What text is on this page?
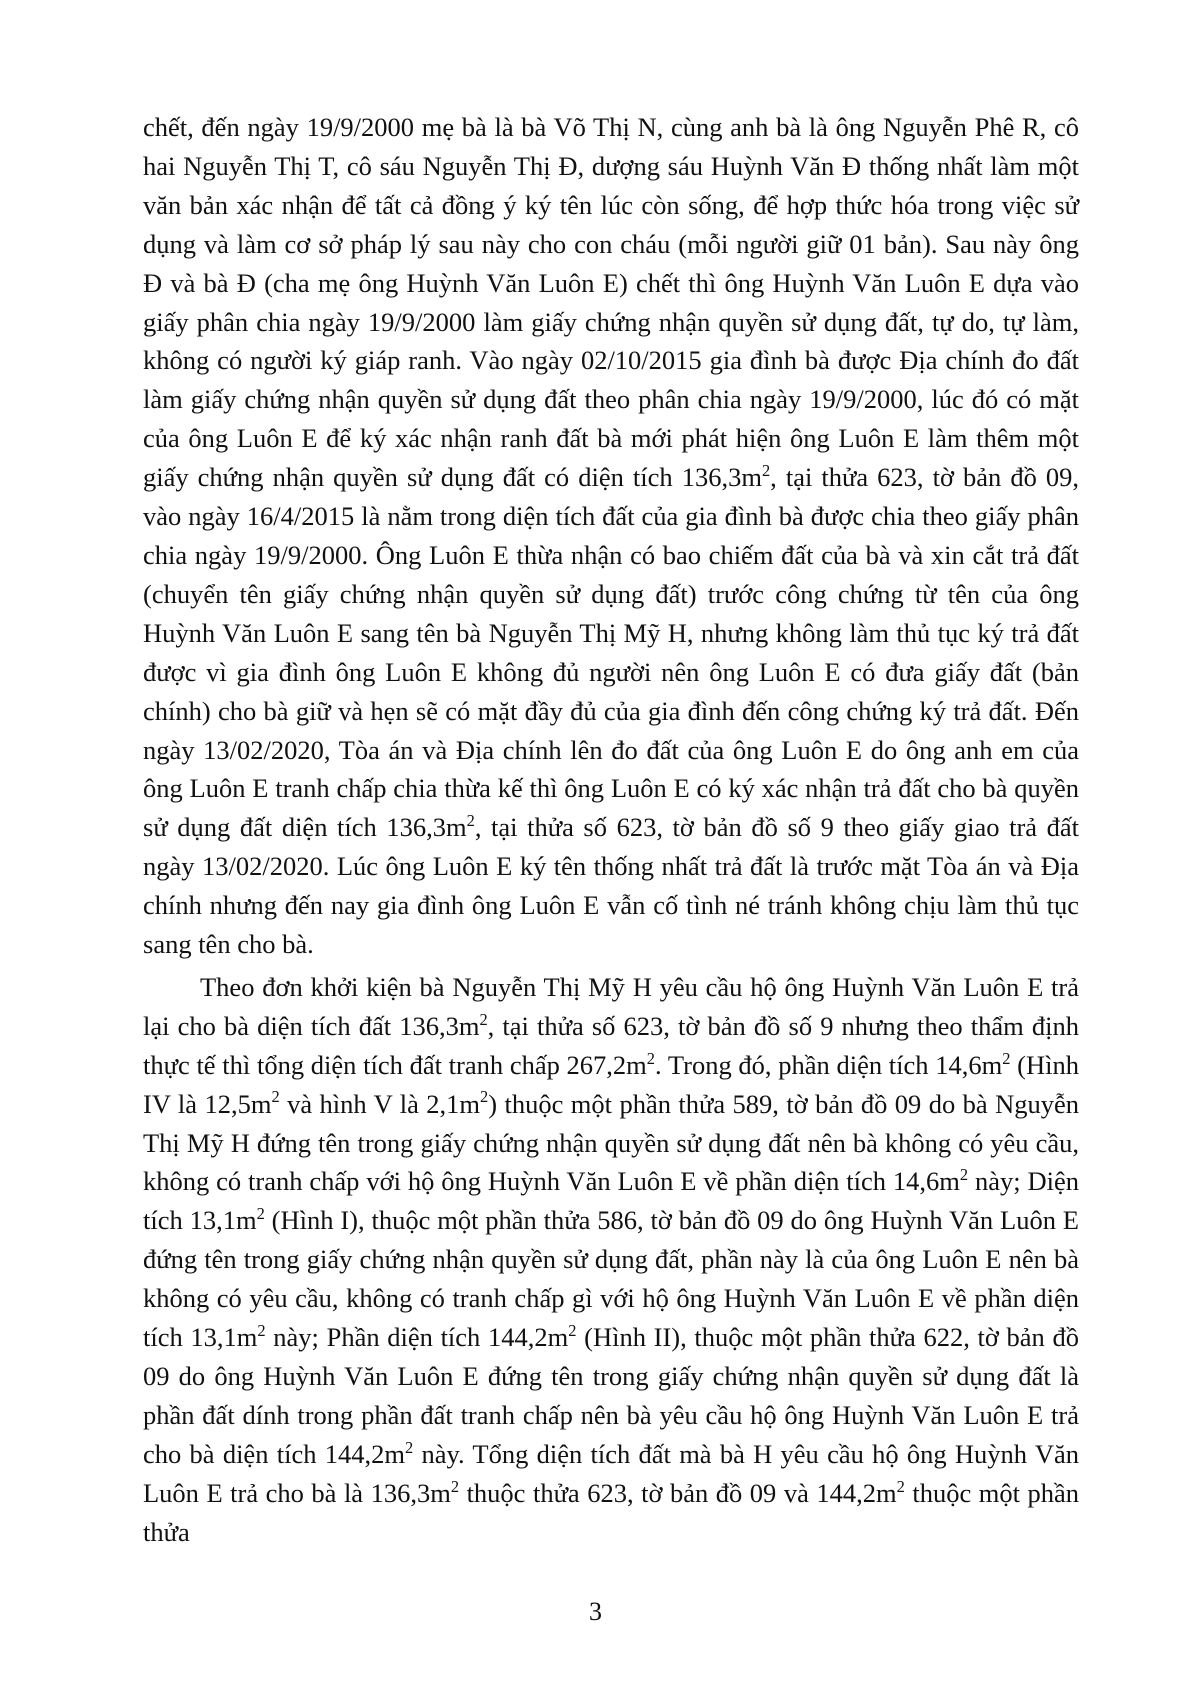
chết, đến ngày 19/9/2000 mẹ bà là bà Võ Thị N, cùng anh bà là ông Nguyễn Phê R, cô hai Nguyễn Thị T, cô sáu Nguyễn Thị Đ, dượng sáu Huỳnh Văn Đ thống nhất làm một văn bản xác nhận để tất cả đồng ý ký tên lúc còn sống, để hợp thức hóa trong việc sử dụng và làm cơ sở pháp lý sau này cho con cháu (mỗi người giữ 01 bản). Sau này ông Đ và bà Đ (cha mẹ ông Huỳnh Văn Luôn E) chết thì ông Huỳnh Văn Luôn E dựa vào giấy phân chia ngày 19/9/2000 làm giấy chứng nhận quyền sử dụng đất, tự do, tự làm, không có người ký giáp ranh. Vào ngày 02/10/2015 gia đình bà được Địa chính đo đất làm giấy chứng nhận quyền sử dụng đất theo phân chia ngày 19/9/2000, lúc đó có mặt của ông Luôn E để ký xác nhận ranh đất bà mới phát hiện ông Luôn E làm thêm một giấy chứng nhận quyền sử dụng đất có diện tích $136,3m^2$, tại thửa 623, tờ bản đồ 09, vào ngày 16/4/2015 là nằm trong diện tích đất của gia đình bà được chia theo giấy phân chia ngày 19/9/2000. Ông Luôn E thừa nhận có bao chiếm đất của bà và xin cắt trả đất (chuyển tên giấy chứng nhận quyền sử dụng đất) trước công chứng từ tên của ông Huỳnh Văn Luôn E sang tên bà Nguyễn Thị Mỹ H, nhưng không làm thủ tục ký trả đất được vì gia đình ông Luôn E không đủ người nên ông Luôn E có đưa giấy đất (bản chính) cho bà giữ và hẹn sẽ có mặt đầy đủ của gia đình đến công chứng ký trả đất. Đến ngày 13/02/2020, Tòa án và Địa chính lên đo đất của ông Luôn E do ông anh em của ông Luôn E tranh chấp chia thừa kế thì ông Luôn E có ký xác nhận trả đất cho bà quyền sử dụng đất diện tích $136,3m^2$, tại thửa số 623, tờ bản đồ số 9 theo giấy giao trả đất ngày 13/02/2020. Lúc ông Luôn E ký tên thống nhất trả đất là trước mặt Tòa án và Địa chính nhưng đến nay gia đình ông Luôn E vẫn cố tình né tránh không chịu làm thủ tục sang tên cho bà.

Theo đơn khởi kiện bà Nguyễn Thị Mỹ H yêu cầu hộ ông Huỳnh Văn Luôn E trả lại cho bà diện tích đất $136,3m^2$, tại thửa số 623, tờ bản đồ số 9 nhưng theo thẩm định thực tế thì tổng diện tích đất tranh chấp $267,2m^2$. Trong đó, phần diện tích $14,6m^2$ (Hình IV là $12,5m^2$ và hình V là $2,1m^2$) thuộc một phần thửa 589, tờ bản đồ 09 do bà Nguyễn Thị Mỹ H đứng tên trong giấy chứng nhận quyền sử dụng đất nên bà không có yêu cầu, không có tranh chấp với hộ ông Huỳnh Văn Luôn E về phần diện tích $14,6m^2$ này; Diện tích $13,1m^2$ (Hình I), thuộc một phần thửa 586, tờ bản đồ 09 do ông Huỳnh Văn Luôn E đứng tên trong giấy chứng nhận quyền sử dụng đất, phần này là của ông Luôn E nên bà không có yêu cầu, không có tranh chấp gì với hộ ông Huỳnh Văn Luôn E về phần diện tích $13,1m^2$ này; Phần diện tích $144,2m^2$ (Hình II), thuộc một phần thửa 622, tờ bản đồ 09 do ông Huỳnh Văn Luôn E đứng tên trong giấy chứng nhận quyền sử dụng đất là phần đất dính trong phần đất tranh chấp nên bà yêu cầu hộ ông Huỳnh Văn Luôn E trả cho bà diện tích $144,2m^2$ này. Tổng diện tích đất mà bà H yêu cầu hộ ông Huỳnh Văn Luôn E trả cho bà là $136,3m^2$ thuộc thửa 623, tờ bản đồ 09 và $144,2m^2$ thuộc một phần thửa

3
